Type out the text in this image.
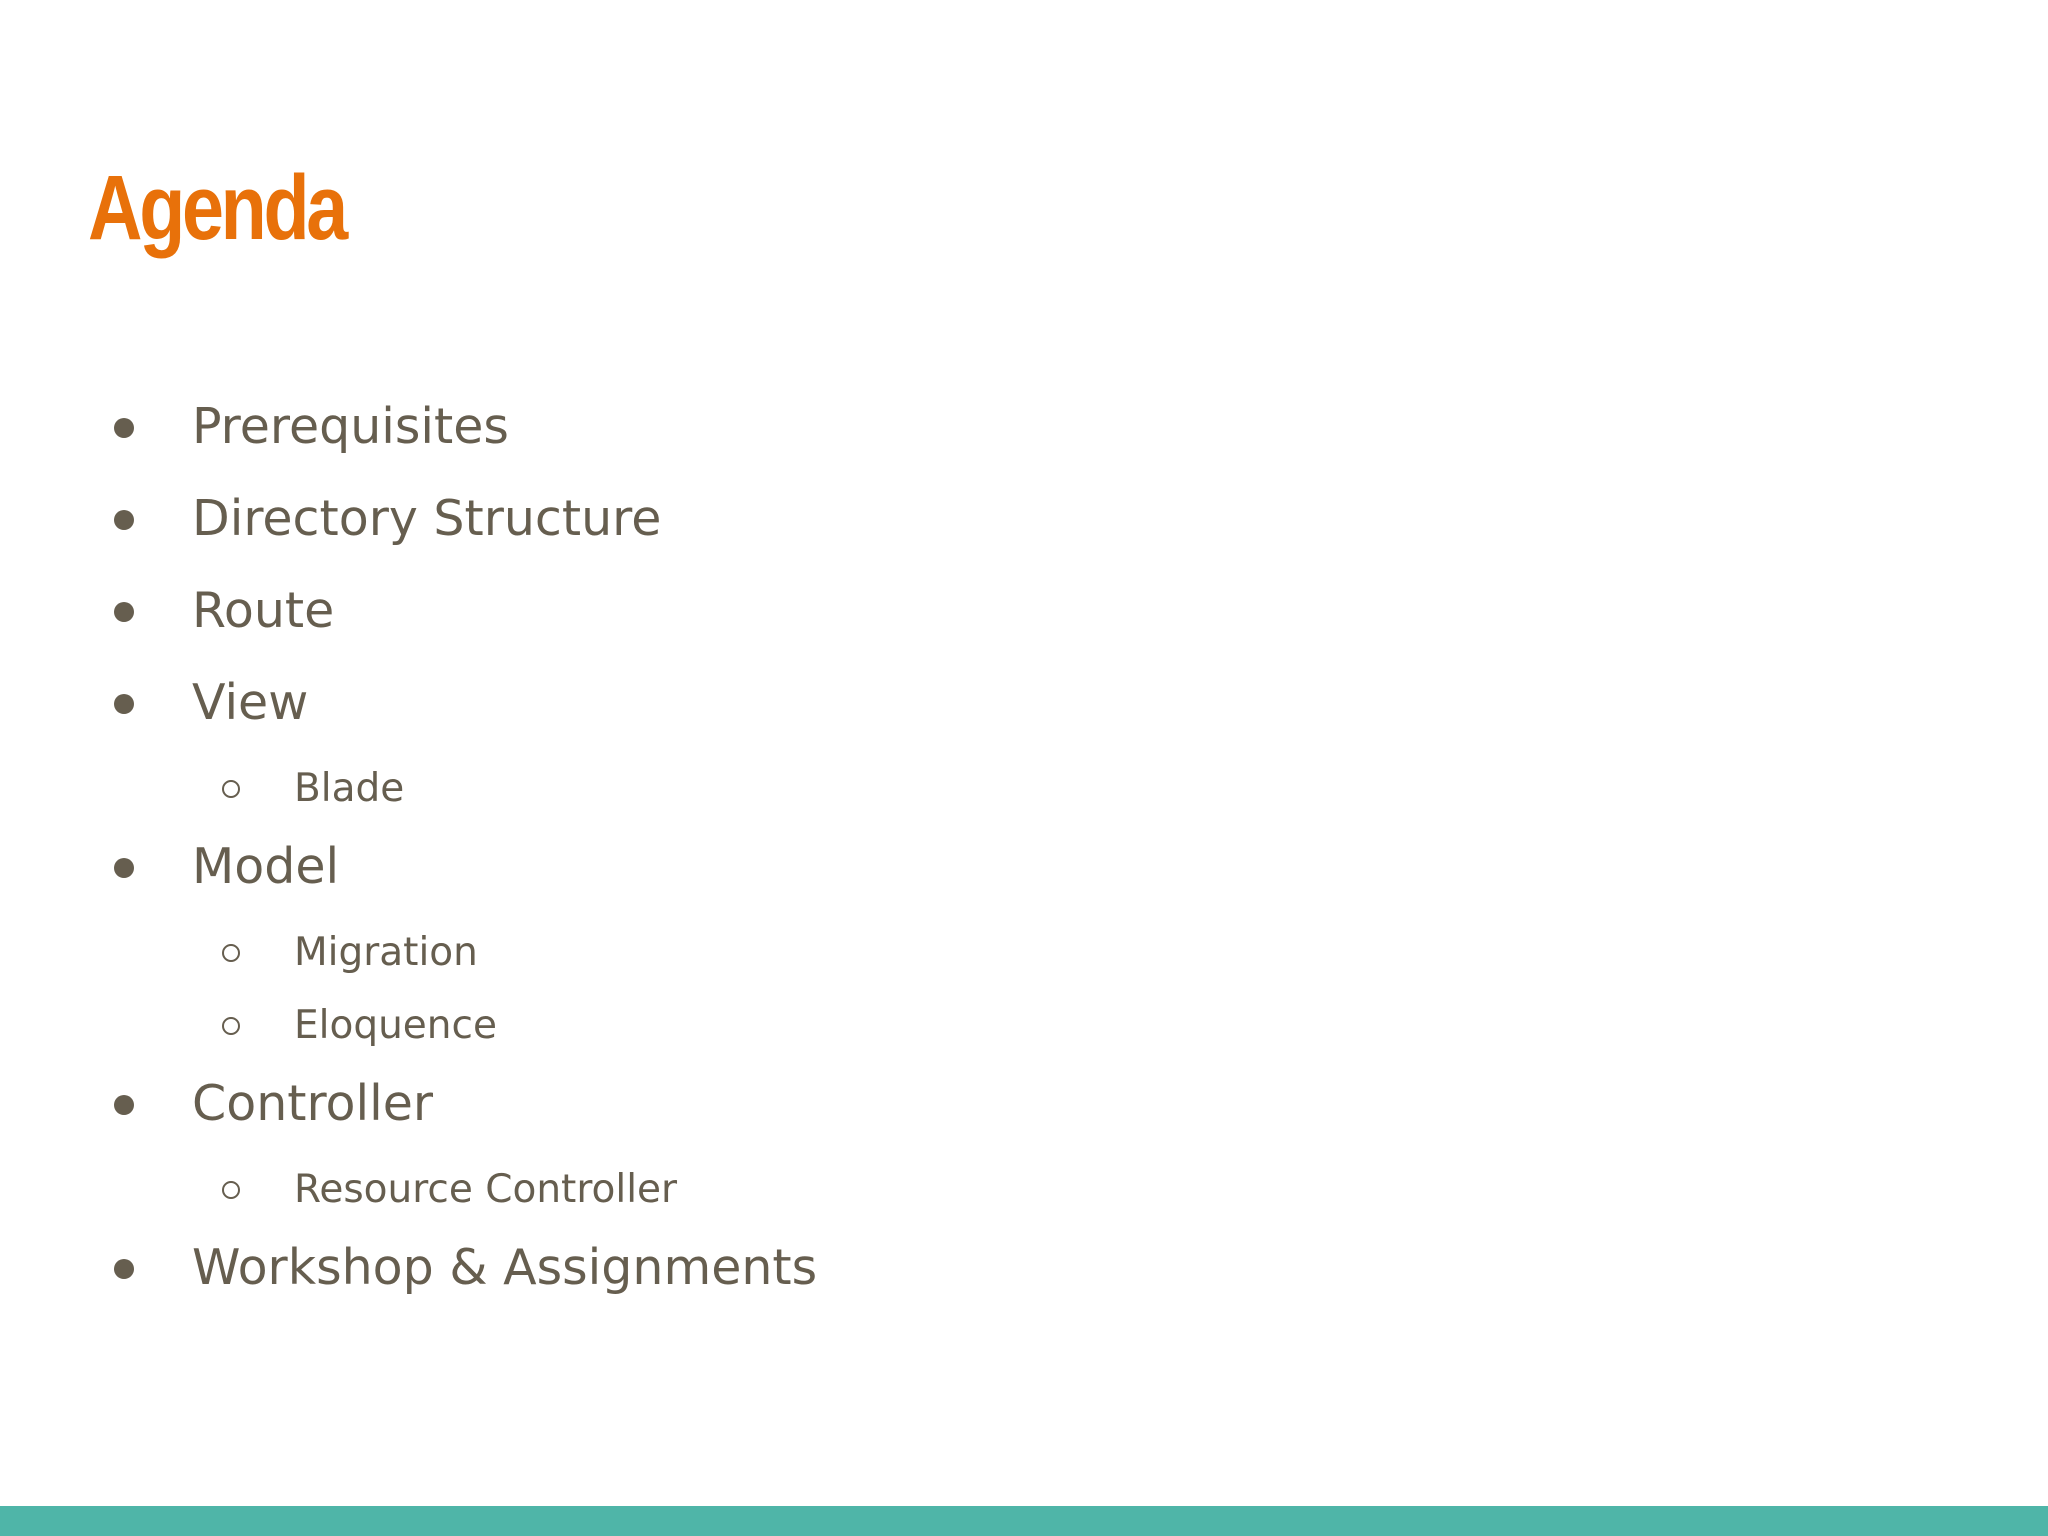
Agenda
Prerequisites
Directory Structure
Route
View
Blade
Model
Migration
Eloquence
Controller
Resource Controller
Workshop & Assignments
